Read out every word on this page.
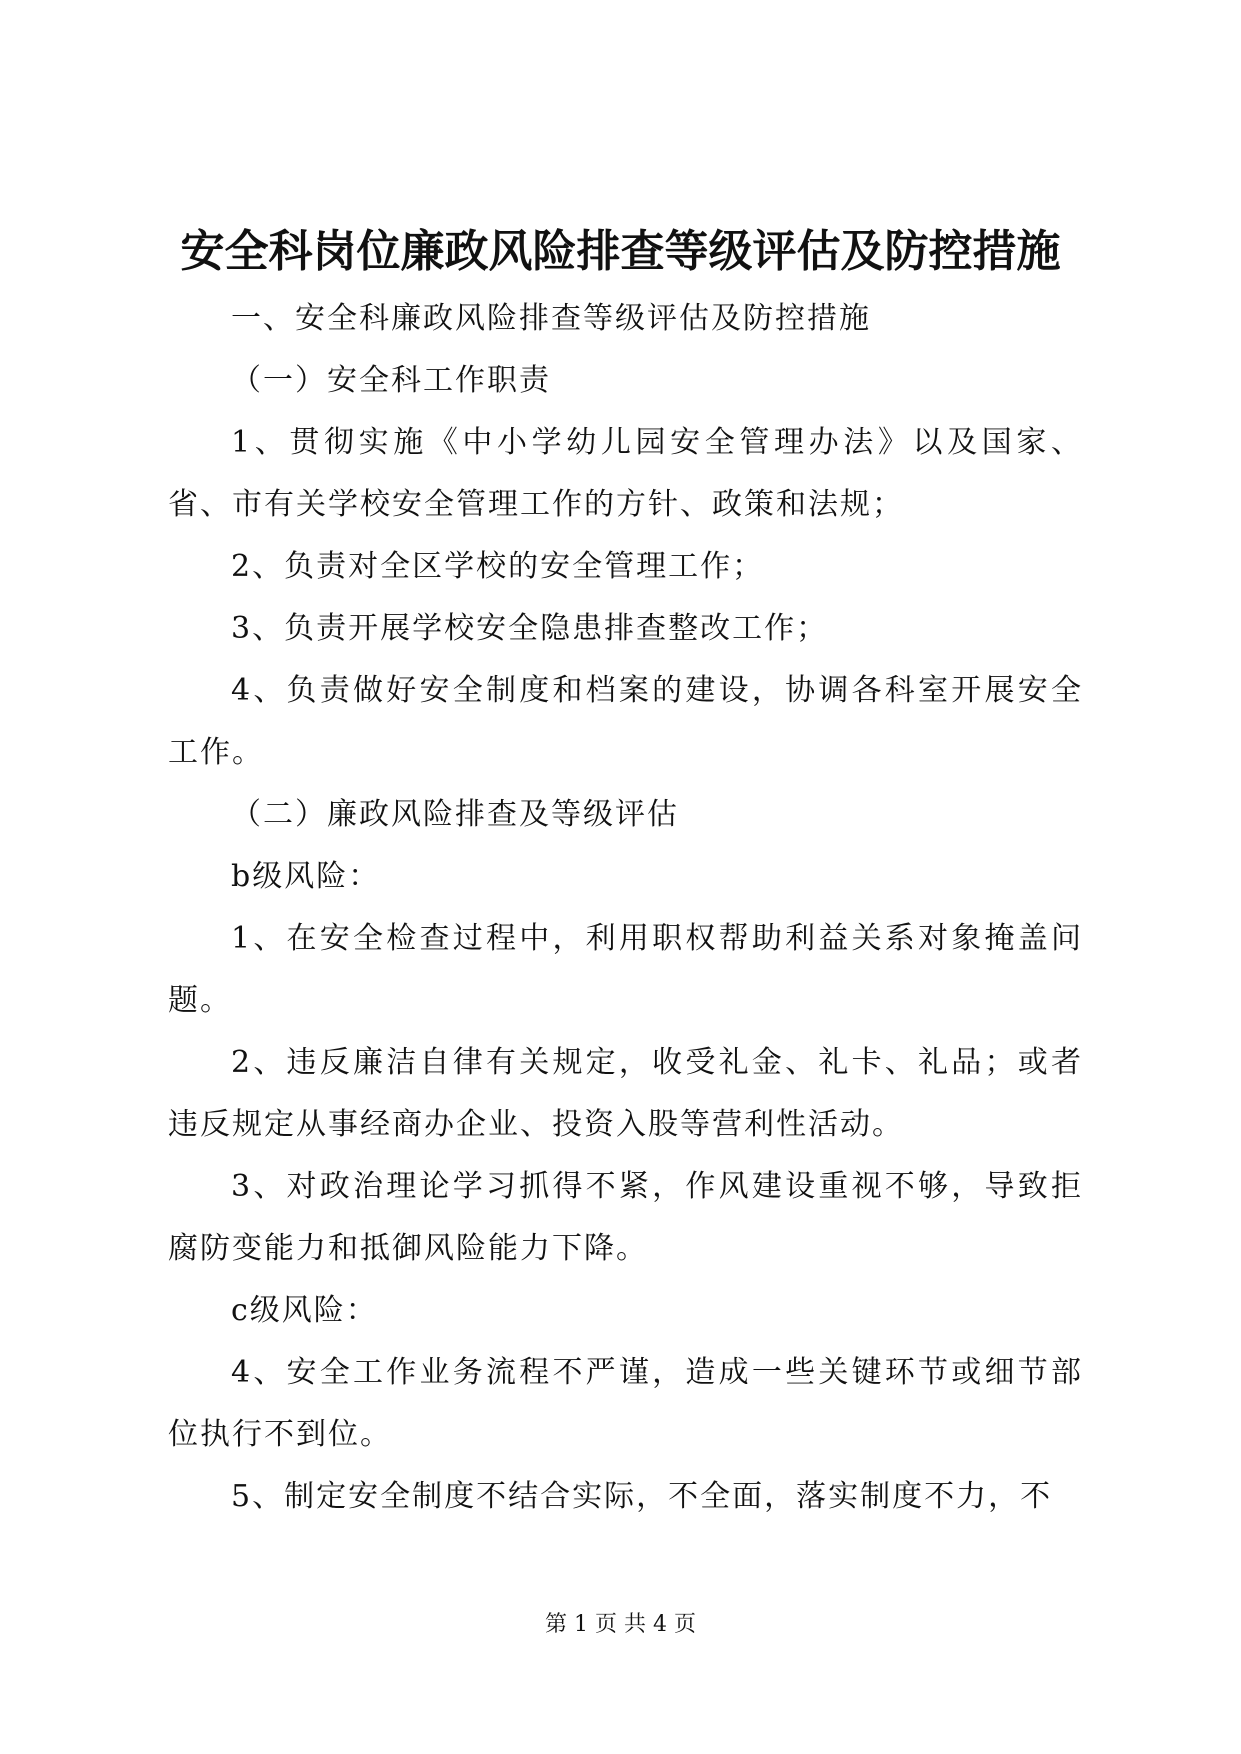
安全科岗位廉政风险排查等级评估及防控措施

一、安全科廉政风险排查等级评估及防控措施

（一）安全科工作职责

1、贯彻实施《中小学幼儿园安全管理办法》以及国家、省、市有关学校安全管理工作的方针、政策和法规；

2、负责对全区学校的安全管理工作；

3、负责开展学校安全隐患排查整改工作；

4、负责做好安全制度和档案的建设，协调各科室开展安全工作。

（二）廉政风险排查及等级评估

b级风险：

1、在安全检查过程中，利用职权帮助利益关系对象掩盖问题。

2、违反廉洁自律有关规定，收受礼金、礼卡、礼品；或者违反规定从事经商办企业、投资入股等营利性活动。

3、对政治理论学习抓得不紧，作风建设重视不够，导致拒腐防变能力和抵御风险能力下降。

c级风险：

4、安全工作业务流程不严谨，造成一些关键环节或细节部位执行不到位。

5、制定安全制度不结合实际，不全面，落实制度不力，不

第 1 页 共 4 页
